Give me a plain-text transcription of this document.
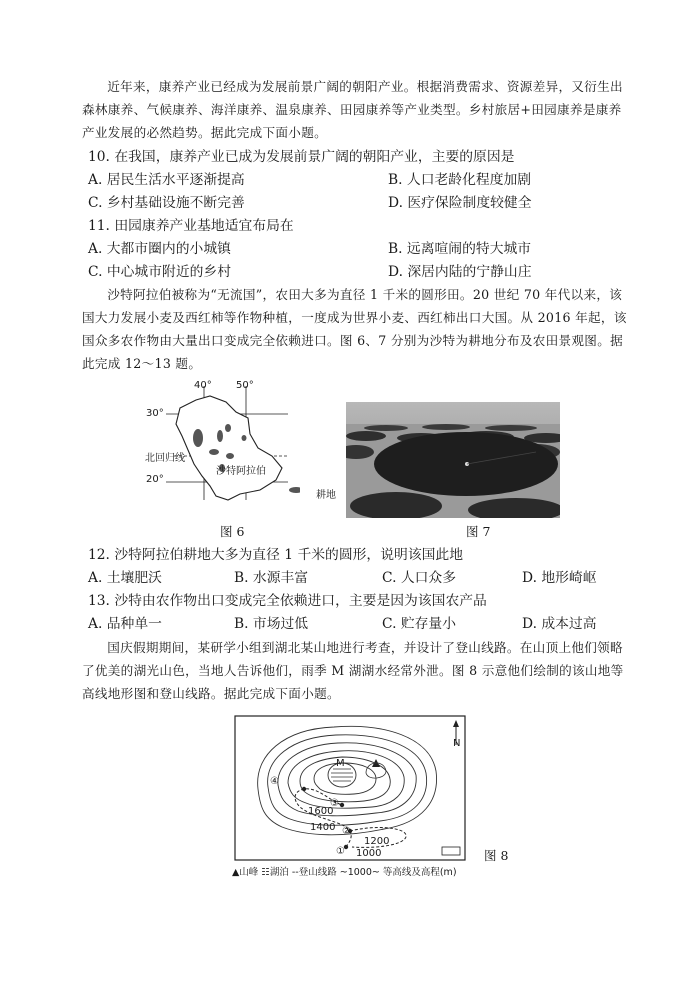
近年来，康养产业已经成为发展前景广阔的朝阳产业。根据消费需求、资源差异，又衍生出 森林康养、气候康养、海洋康养、温泉康养、田园康养等产业类型。乡村旅居+田园康养是康养 产业发展的必然趋势。据此完成下面小题。
10. 在我国，康养产业已成为发展前景广阔的朝阳产业，主要的原因是
A. 居民生活水平逐渐提高	B. 人口老龄化程度加剧
C. 乡村基础设施不断完善	D. 医疗保险制度较健全
11. 田园康养产业基地适宜布局在
A. 大都市圈内的小城镇	B. 远离喧闹的特大城市
C. 中心城市附近的乡村	D. 深居内陆的宁静山庄
沙特阿拉伯被称为“无流国”，农田大多为直径 1 千米的圆形田。20 世纪 70 年代以来，该国大力发展小麦及西红柿等作物种植，一度成为世界小麦、西红柿出口大国。从 2016 年起，该国众多农作物由大量出口变成完全依赖进口。图 6、7 分别为沙特为耕地分布及农田景观图。据此完成 12～13 题。
40° 50°
30°
20°
北回归线
沙特阿拉伯
耕地
图 6	图 7
12. 沙特阿拉伯耕地大多为直径 1 千米的圆形，说明该国此地
A. 土壤肥沃	B. 水源丰富	C. 人口众多	D. 地形崎岖
13. 沙特由农作物出口变成完全依赖进口，主要是因为该国农产品
A. 品种单一	B. 市场过低	C. 贮存量小	D. 成本过高
国庆假期期间，某研学小组到湖北某山地进行考查，并设计了登山线路。在山顶上他们领略了优美的湖光山色，当地人告诉他们，雨季 M 湖湖水经常外泄。图 8 示意他们绘制的该山地等高线地形图和登山线路。据此完成下面小题。
N
1400
1600
1200
1000
①
②
③
④
M
图 8
▲山峰 ☷湖泊 --登山线路 ~1000~ 等高线及高程(m)
